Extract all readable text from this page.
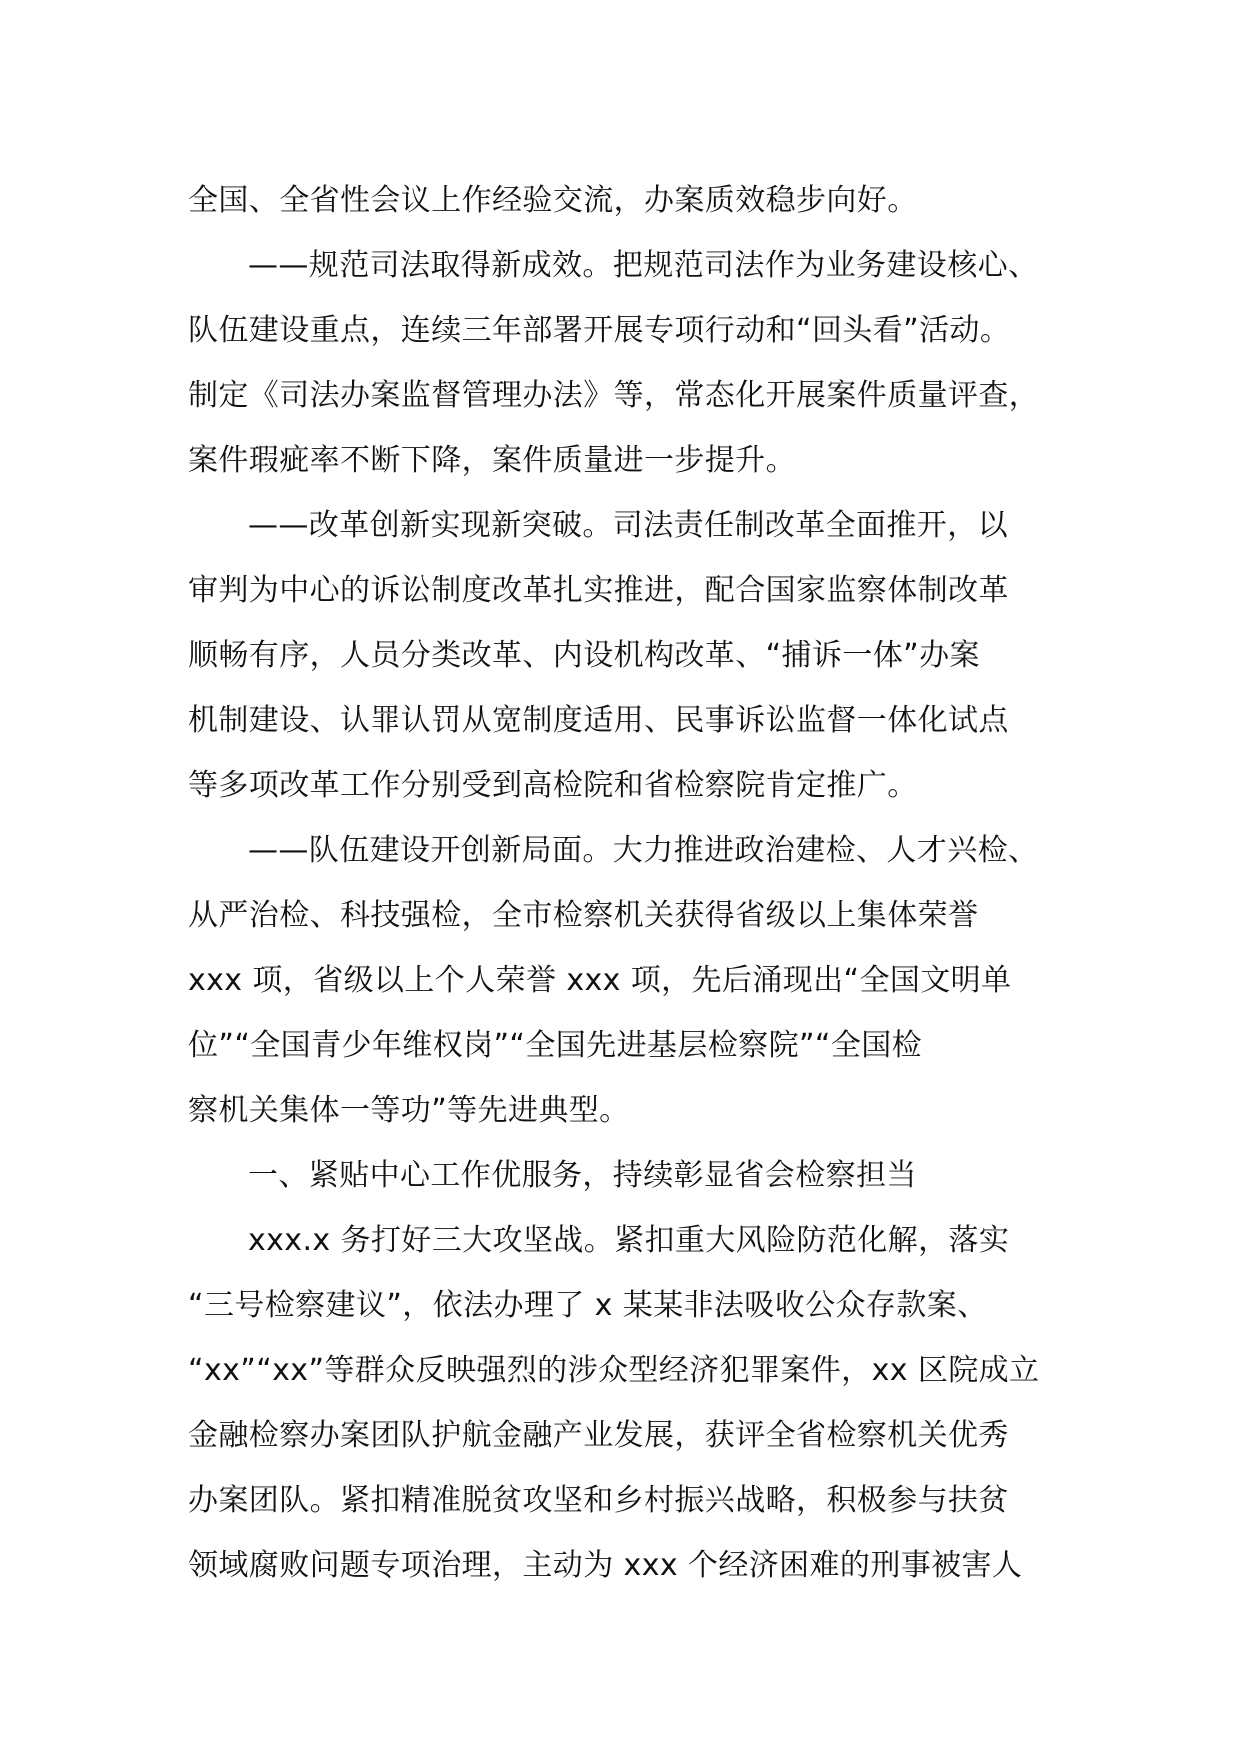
全国、全省性会议上作经验交流，办案质效稳步向好。
——规范司法取得新成效。把规范司法作为业务建设核心、
队伍建设重点，连续三年部署开展专项行动和“回头看”活动。
制定《司法办案监督管理办法》等，常态化开展案件质量评查，
案件瑕疵率不断下降，案件质量进一步提升。
——改革创新实现新突破。司法责任制改革全面推开，以
审判为中心的诉讼制度改革扎实推进，配合国家监察体制改革
顺畅有序，人员分类改革、内设机构改革、“捕诉一体”办案
机制建设、认罪认罚从宽制度适用、民事诉讼监督一体化试点
等多项改革工作分别受到高检院和省检察院肯定推广。
——队伍建设开创新局面。大力推进政治建检、人才兴检、
从严治检、科技强检，全市检察机关获得省级以上集体荣誉
xxx 项，省级以上个人荣誉 xxx 项，先后涌现出“全国文明单
位”“全国青少年维权岗”“全国先进基层检察院”“全国检
察机关集体一等功”等先进典型。
一、紧贴中心工作优服务，持续彰显省会检察担当
xxx.x 务打好三大攻坚战。紧扣重大风险防范化解，落实
“三号检察建议”，依法办理了 x 某某非法吸收公众存款案、
“xx”“xx”等群众反映强烈的涉众型经济犯罪案件，xx 区院成立
金融检察办案团队护航金融产业发展，获评全省检察机关优秀
办案团队。紧扣精准脱贫攻坚和乡村振兴战略，积极参与扶贫
领域腐败问题专项治理，主动为 xxx 个经济困难的刑事被害人
